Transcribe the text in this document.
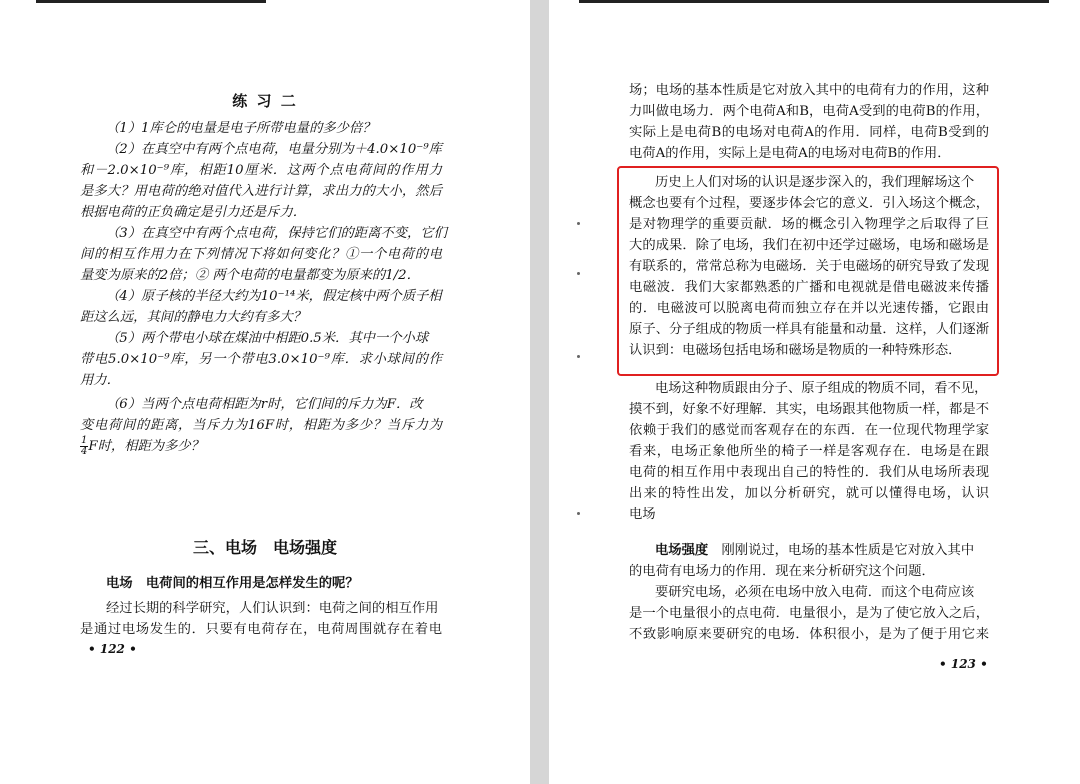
练 习 二
（1）1库仑的电量是电子所带电量的多少倍？
（2）在真空中有两个点电荷，电量分别为＋4.0×10⁻⁹库
和－2.0×10⁻⁹库，相距10厘米．这两个点电荷间的作用力
是多大？用电荷的绝对值代入进行计算，求出力的大小，然后
根据电荷的正负确定是引力还是斥力．
（3）在真空中有两个点电荷，保持它们的距离不变，它们
间的相互作用力在下列情况下将如何变化？①一个电荷的电
量变为原来的2倍；② 两个电荷的电量都变为原来的1/2．
（4）原子核的半径大约为10⁻¹⁴米，假定核中两个质子相
距这么远，其间的静电力大约有多大？
（5）两个带电小球在煤油中相距0.5米．其中一个小球
带电5.0×10⁻⁹库，另一个带电3.0×10⁻⁹库．求小球间的作
用力．
（6）当两个点电荷相距为r时，它们间的斥力为F．改
变电荷间的距离，当斥力为16F时，相距为多少？当斥力为
$\frac{1}{4}$ F时，相距为多少？
三、电场　电场强度
电场　电荷间的相互作用是怎样发生的呢？
经过长期的科学研究，人们认识到：电荷之间的相互作用
是通过电场发生的．只要有电荷存在，电荷周围就存在着电
• 122 •
场；电场的基本性质是它对放入其中的电荷有力的作用，这种
力叫做电场力．两个电荷A和B，电荷A受到的电荷B的作用，
实际上是电荷B的电场对电荷A的作用．同样，电荷B受到的
电荷A的作用，实际上是电荷A的电场对电荷B的作用．
历史上人们对场的认识是逐步深入的，我们理解场这个
概念也要有个过程，要逐步体会它的意义．引入场这个概念，
是对物理学的重要贡献．场的概念引入物理学之后取得了巨
大的成果．除了电场，我们在初中还学过磁场，电场和磁场是
有联系的，常常总称为电磁场．关于电磁场的研究导致了发现
电磁波．我们大家都熟悉的广播和电视就是借电磁波来传播
的．电磁波可以脱离电荷而独立存在并以光速传播，它跟由
原子、分子组成的物质一样具有能量和动量．这样，人们逐渐
认识到：电磁场包括电场和磁场是物质的一种特殊形态．
电场这种物质跟由分子、原子组成的物质不同，看不见，
摸不到，好象不好理解．其实，电场跟其他物质一样，都是不
依赖于我们的感觉而客观存在的东西．在一位现代物理学家
看来，电场正象他所坐的椅子一样是客观存在．电场是在跟
电荷的相互作用中表现出自己的特性的．我们从电场所表现
出来的特性出发，加以分析研究，就可以懂得电场，认识
电场
电场强度　刚刚说过，电场的基本性质是它对放入其中
的电荷有电场力的作用．现在来分析研究这个问题．
要研究电场，必须在电场中放入电荷．而这个电荷应该
是一个电量很小的点电荷．电量很小，是为了使它放入之后，
不致影响原来要研究的电场．体积很小，是为了便于用它来
• 123 •
